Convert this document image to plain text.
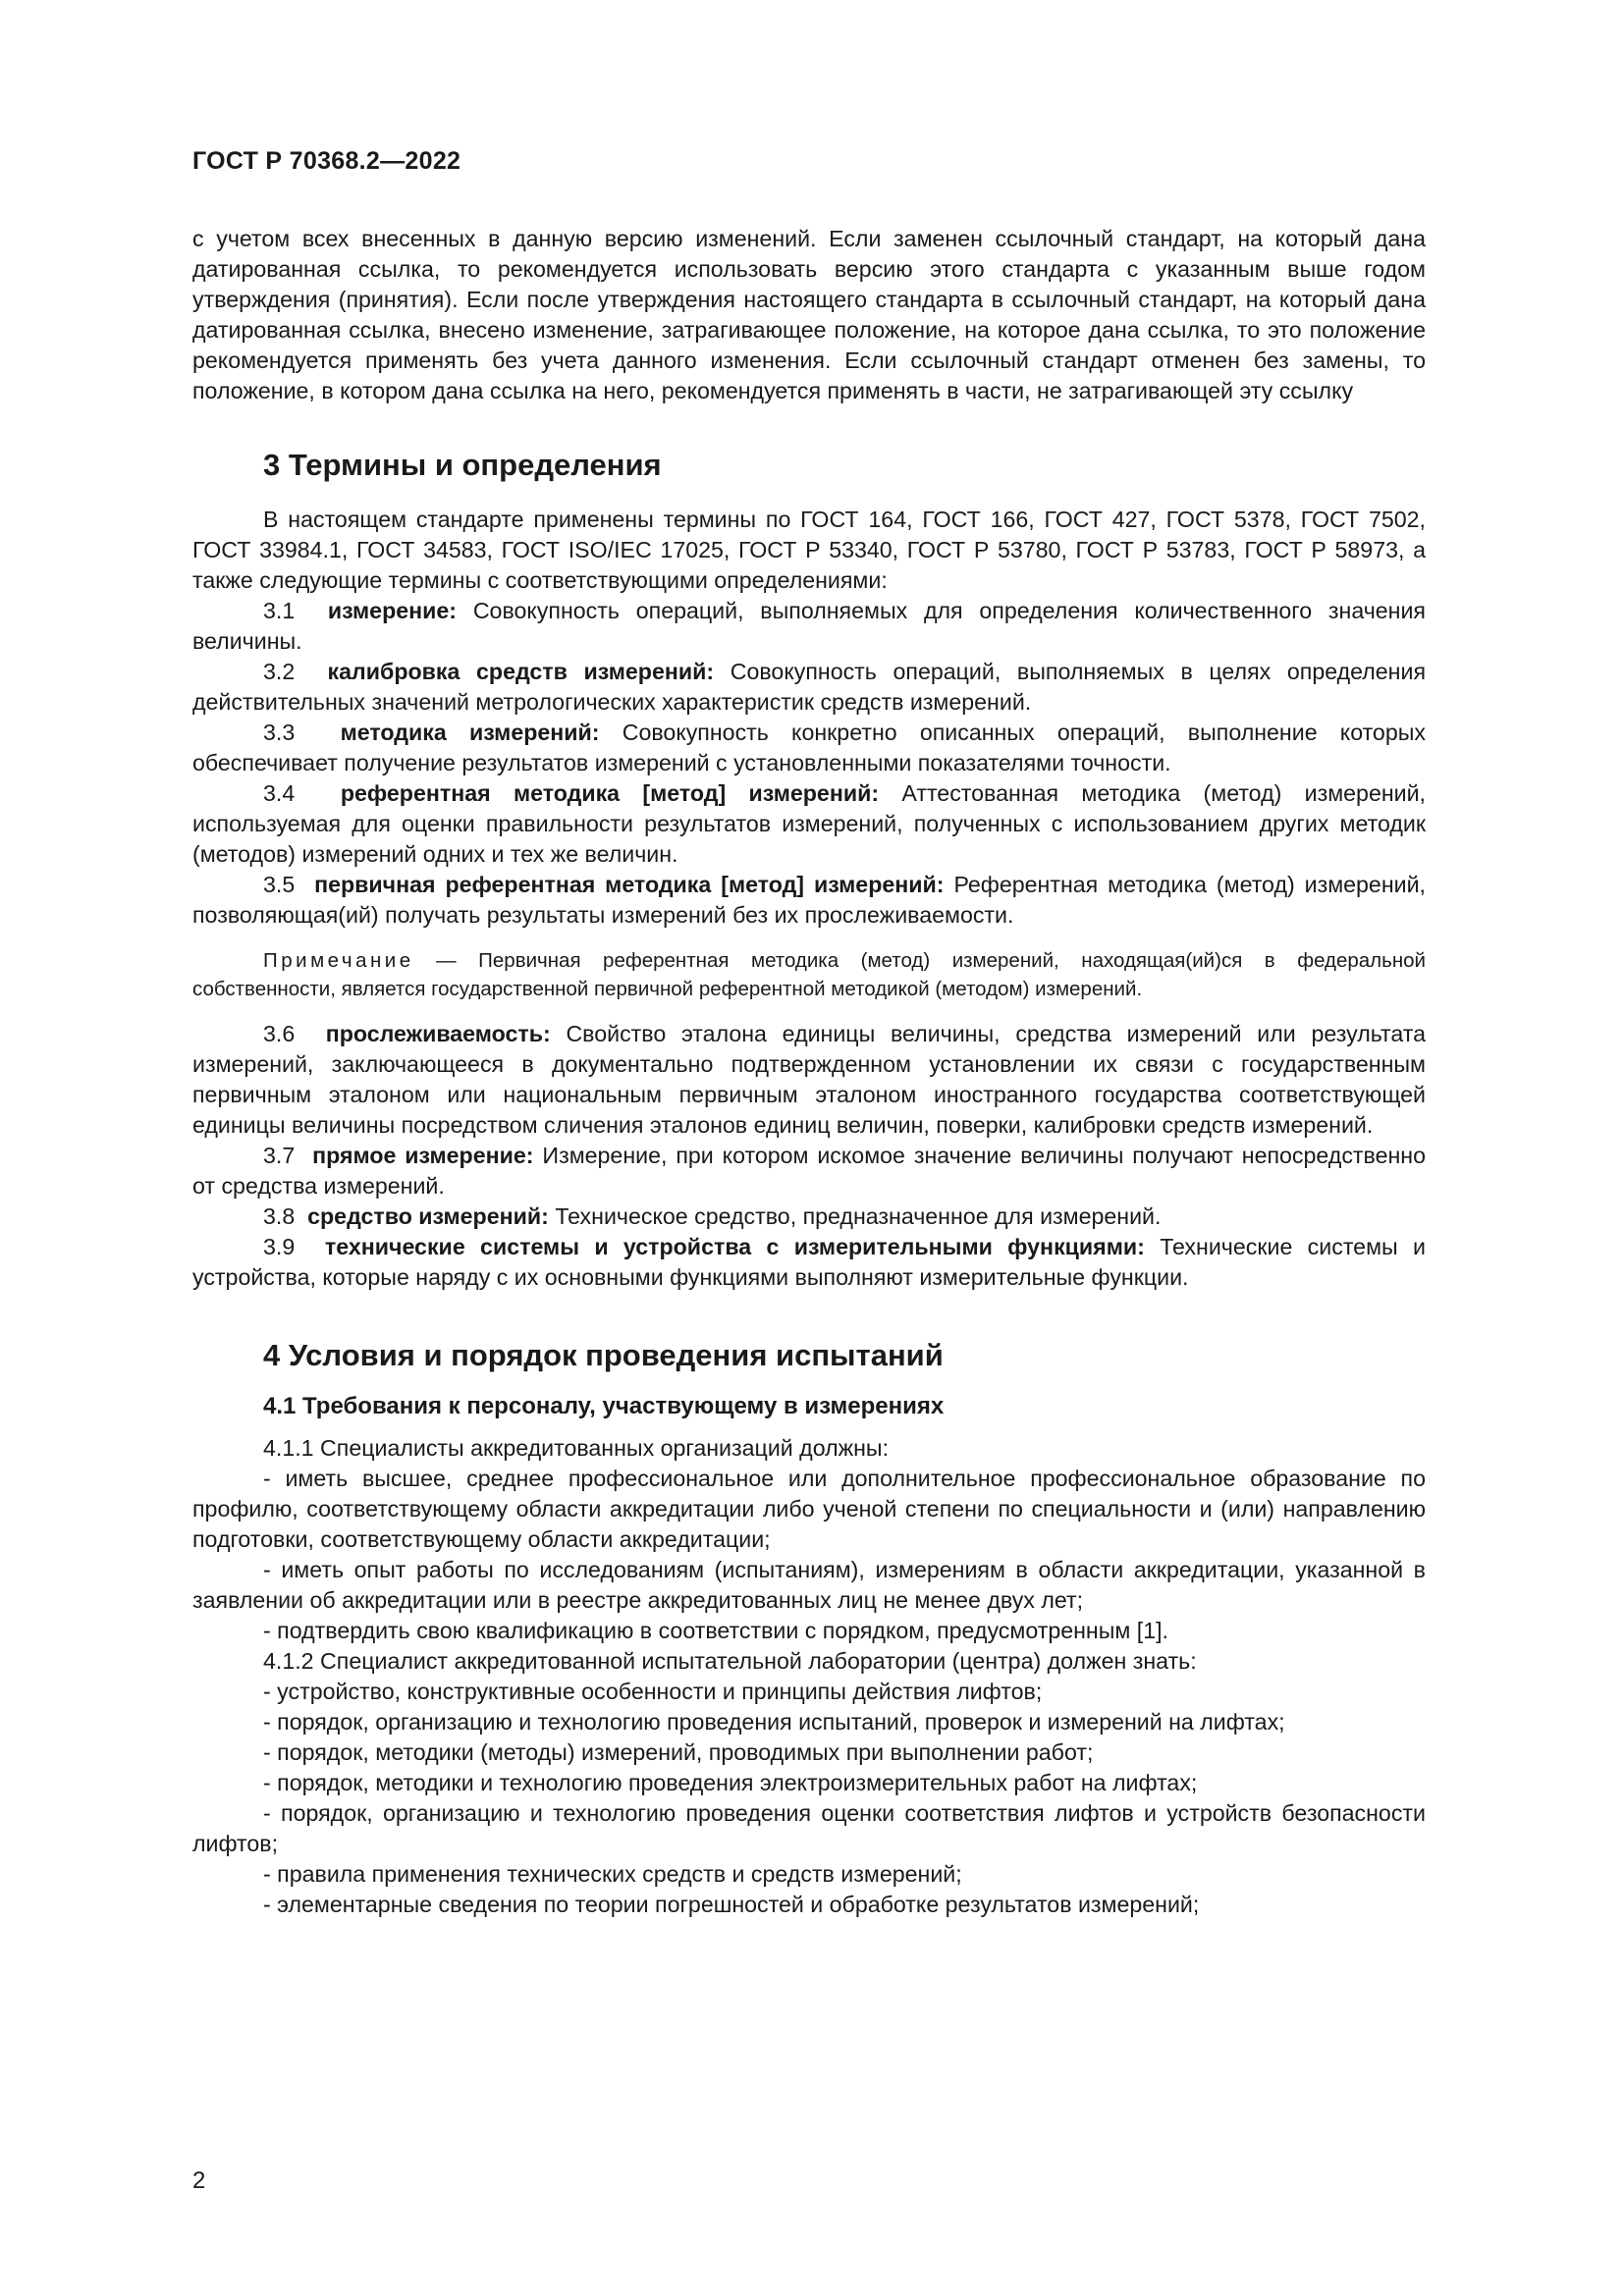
ГОСТ Р 70368.2—2022

с учетом всех внесенных в данную версию изменений. Если заменен ссылочный стандарт, на который дана датированная ссылка, то рекомендуется использовать версию этого стандарта с указанным выше годом утверждения (принятия). Если после утверждения настоящего стандарта в ссылочный стандарт, на который дана датированная ссылка, внесено изменение, затрагивающее положение, на которое дана ссылка, то это положение рекомендуется применять без учета данного изменения. Если ссылочный стандарт отменен без замены, то положение, в котором дана ссылка на него, рекомендуется применять в части, не затрагивающей эту ссылку

3 Термины и определения

В настоящем стандарте применены термины по ГОСТ 164, ГОСТ 166, ГОСТ 427, ГОСТ 5378, ГОСТ 7502, ГОСТ 33984.1, ГОСТ 34583, ГОСТ ISO/IEC 17025, ГОСТ Р 53340, ГОСТ Р 53780, ГОСТ Р 53783, ГОСТ Р 58973, а также следующие термины с соответствующими определениями:

3.1 измерение: Совокупность операций, выполняемых для определения количественного значения величины.

3.2 калибровка средств измерений: Совокупность операций, выполняемых в целях определения действительных значений метрологических характеристик средств измерений.

3.3 методика измерений: Совокупность конкретно описанных операций, выполнение которых обеспечивает получение результатов измерений с установленными показателями точности.

3.4 референтная методика [метод] измерений: Аттестованная методика (метод) измерений, используемая для оценки правильности результатов измерений, полученных с использованием других методик (методов) измерений одних и тех же величин.

3.5 первичная референтная методика [метод] измерений: Референтная методика (метод) измерений, позволяющая(ий) получать результаты измерений без их прослеживаемости.

Примечание — Первичная референтная методика (метод) измерений, находящая(ий)ся в федеральной собственности, является государственной первичной референтной методикой (методом) измерений.

3.6 прослеживаемость: Свойство эталона единицы величины, средства измерений или результата измерений, заключающееся в документально подтвержденном установлении их связи с государственным первичным эталоном или национальным первичным эталоном иностранного государства соответствующей единицы величины посредством сличения эталонов единиц величин, поверки, калибровки средств измерений.

3.7 прямое измерение: Измерение, при котором искомое значение величины получают непосредственно от средства измерений.

3.8 средство измерений: Техническое средство, предназначенное для измерений.

3.9 технические системы и устройства с измерительными функциями: Технические системы и устройства, которые наряду с их основными функциями выполняют измерительные функции.

4 Условия и порядок проведения испытаний
4.1 Требования к персоналу, участвующему в измерениях

4.1.1 Специалисты аккредитованных организаций должны:

- иметь высшее, среднее профессиональное или дополнительное профессиональное образование по профилю, соответствующему области аккредитации либо ученой степени по специальности и (или) направлению подготовки, соответствующему области аккредитации;

- иметь опыт работы по исследованиям (испытаниям), измерениям в области аккредитации, указанной в заявлении об аккредитации или в реестре аккредитованных лиц не менее двух лет;

- подтвердить свою квалификацию в соответствии с порядком, предусмотренным [1].

4.1.2 Специалист аккредитованной испытательной лаборатории (центра) должен знать:

- устройство, конструктивные особенности и принципы действия лифтов;

- порядок, организацию и технологию проведения испытаний, проверок и измерений на лифтах;

- порядок, методики (методы) измерений, проводимых при выполнении работ;

- порядок, методики и технологию проведения электроизмерительных работ на лифтах;

- порядок, организацию и технологию проведения оценки соответствия лифтов и устройств безопасности лифтов;

- правила применения технических средств и средств измерений;

- элементарные сведения по теории погрешностей и обработке результатов измерений;

2
